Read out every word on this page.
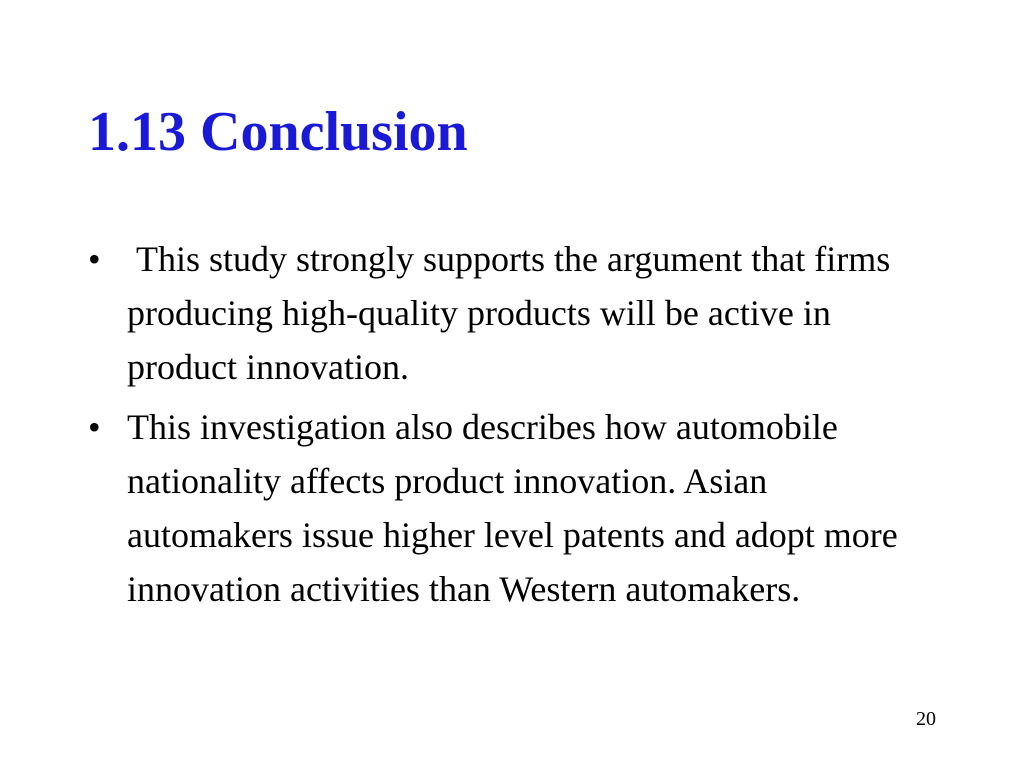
1.13 Conclusion
• This study strongly supports the argument that firms producing high-quality products will be active in product innovation.
• This investigation also describes how automobile nationality affects product innovation. Asian automakers issue higher level patents and adopt more innovation activities than Western automakers.
20
